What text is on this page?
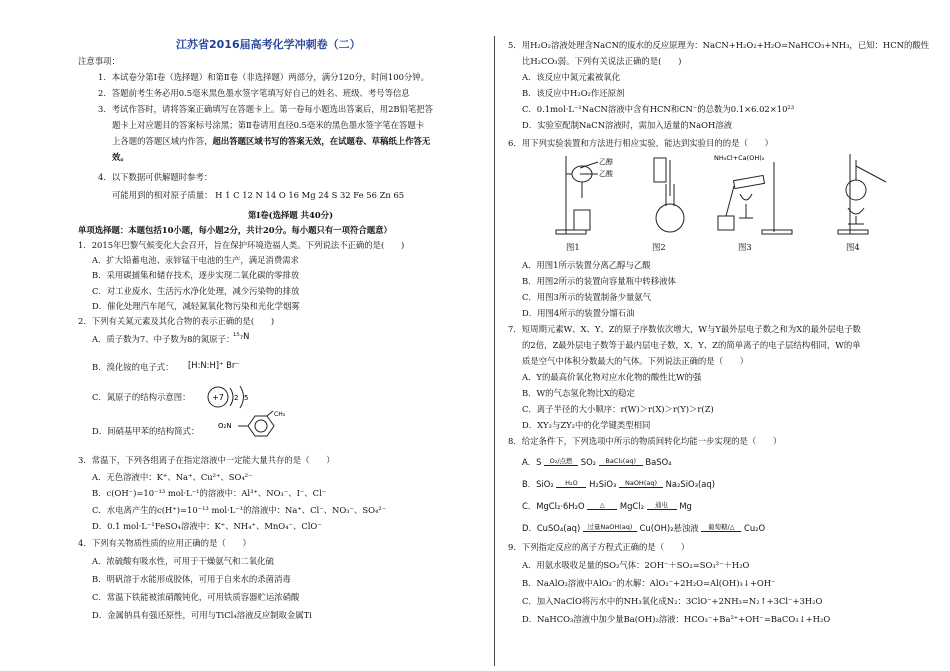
江苏省2016届高考化学冲刺卷（二）
注意事项：
1．本试卷分第Ⅰ卷（选择题）和第Ⅱ卷（非选择题）两部分，满分120分，时间100分钟。
2．答题前考生务必用0.5毫米黑色墨水签字笔填写好自己的姓名、班级、考号等信息
3．考试作答时，请将答案正确填写在答题卡上。第一卷每小题选出答案后，用2B铅笔把答
题卡上对应题目的答案标号涂黑；第Ⅱ卷请用直径0.5毫米的黑色墨水签字笔在答题卡
上各题的答题区域内作答，超出答题区域书写的答案无效，在试题卷、草稿纸上作答无
效。
4．以下数据可供解题时参考：
可能用到的相对原子质量： H 1 C 12 N 14 O 16 Mg 24 S 32 Fe 56 Zn 65
第Ⅰ卷(选择题 共40分)
单项选择题：本题包括10小题，每小题2分，共计20分。每小题只有一项符合题意）
1．2015年巴黎气候变化大会召开，旨在保护环境造福人类。下列说法不正确的是(　　)
A．扩大铅蓄电池、汞锌锰干电池的生产，满足消费需求
B．采用碳捕集和储存技术，逐步实现二氧化碳的零排放
C．对工业废水、生活污水净化处理，减少污染物的排放
D．催化处理汽车尾气，减轻氮氧化物污染和光化学烟雾
2．下列有关氮元素及其化合物的表示正确的是(　　)
A．质子数为7、中子数为8的氮原子：
¹⁵₇N
B．溴化铵的电子式： [H:N:H]⁺ Br⁻
C．氮原子的结构示意图：	+7 2 5
D．间硝基甲苯的结构简式：	O₂N
CH₃
3．常温下，下列各组离子在指定溶液中一定能大量共存的是（　　）
A．无色溶液中：K⁺、Na⁺、Cu²⁺、SO₄²⁻
B．c(OH⁻)=10⁻¹³ mol·L⁻¹的溶液中：Al³⁺、NO₃⁻、I⁻、Cl⁻
C．水电离产生的c(H⁺)=10⁻¹³ mol·L⁻¹的溶液中：Na⁺、Cl⁻、NO₃⁻、SO₄²⁻
D．0.1 mol·L⁻¹FeSO₄溶液中：K⁺、NH₄⁺、MnO₄⁻、ClO⁻
4．下列有关物质性质的应用正确的是（　　）
A．浓硫酸有吸水性，可用于干燥氨气和二氧化硫
B．明矾溶于水能形成胶体，可用于自来水的杀菌消毒
C．常温下铁能被浓硝酸钝化，可用铁质容器贮运浓硝酸
D．金属钠具有强还原性，可用与TiCl₄溶液反应制取金属Ti
5．用H₂O₂溶液处理含NaCN的废水的反应原理为：NaCN+H₂O₂+H₂O=NaHCO₃+NH₃，已知：HCN的酸性
比H₂CO₃弱。下列有关说法正确的是(　　)
A．该反应中氮元素被氧化
B．该反应中H₂O₂作还原剂
C．0.1mol·L⁻¹NaCN溶液中含有HCN和CN⁻的总数为0.1×6.02×10²³
D．实验室配制NaCN溶液时，需加入适量的NaOH溶液
6．用下列实验装置和方法进行相应实验，能达到实验目的的是（　　）
乙醇
乙酸
图1	图2
NH₄Cl+Ca(OH)₂
图3	图4
A．用图1所示装置分离乙醇与乙酸
B．用图2所示的装置向容量瓶中转移液体
C．用图3所示的装置制备少量氨气
D．用图4所示的装置分馏石油
7．短周期元素W、X、Y、Z的原子序数依次增大，W与Y最外层电子数之和为X的最外层电子数
的2倍，Z最外层电子数等于最内层电子数，X、Y、Z的简单离子的电子层结构相同，W的单
质是空气中体积分数最大的气体。下列说法正确的是（　　）
A．Y的最高价氧化物对应水化物的酸性比W的强
B．W的气态氢化物比X的稳定
C．离子半径的大小顺序：r(W)＞r(X)＞r(Y)＞r(Z)
D．XY₂与ZY₂中的化学键类型相同
8．给定条件下，下列选项中所示的物质间转化均能一步实现的是（　　）
A．S O₂/点燃 SO₂ BaCl₂(aq) BaSO₄
B．SiO₂ H₂O H₂SiO₃ NaOH(aq) Na₂SiO₃(aq)
C．MgCl₂·6H₂O △ MgCl₂ 通电 Mg
D．CuSO₄(aq) 过量NaOH(aq) Cu(OH)₂悬浊液 葡萄糖/△ Cu₂O
9．下列指定反应的离子方程式正确的是（　　）
A．用氨水吸收足量的SO₂气体：2OH⁻＋SO₂=SO₃²⁻＋H₂O
B．NaAlO₂溶液中AlO₂⁻的水解：AlO₂⁻+2H₂O=Al(OH)₃↓+OH⁻
C．加入NaClO将污水中的NH₃氧化成N₂：3ClO⁻+2NH₃=N₂↑+3Cl⁻+3H₂O
D．NaHCO₃溶液中加少量Ba(OH)₂溶液：HCO₃⁻+Ba²⁺+OH⁻=BaCO₃↓+H₂O
